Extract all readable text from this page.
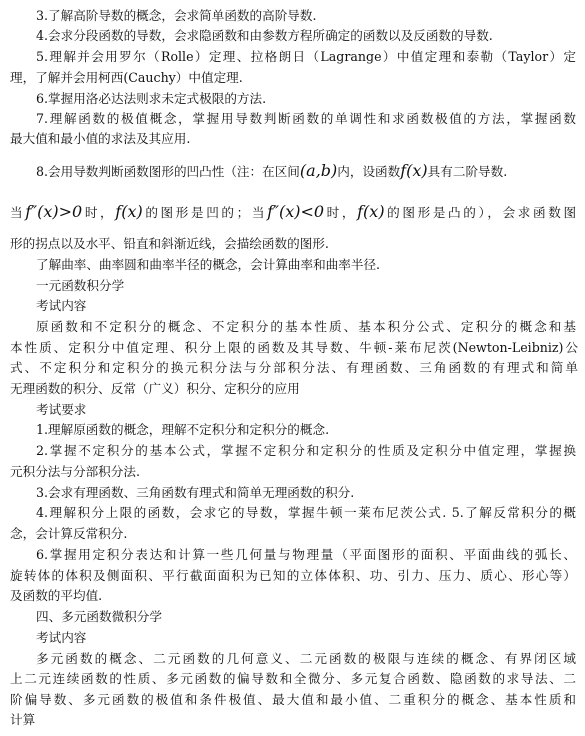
3.了解高阶导数的概念，会求简单函数的高阶导数.
4.会求分段函数的导数，会求隐函数和由参数方程所确定的函数以及反函数的导数.
5.理解并会用罗尔（Rolle）定理、拉格朗日（Lagrange）中值定理和泰勒（Taylor）定
理，了解并会用柯西(Cauchy）中值定理.
6.掌握用洛必达法则求未定式极限的方法.
7.理解函数的极值概念，掌握用导数判断函数的单调性和求函数极值的方法，掌握函数
最大值和最小值的求法及其应用.
8.会用导数判断函数图形的凹凸性（注：在区间(a,b)内，设函数f(x)具有二阶导数.
当f″(x)>0时，f(x)的图形是凹的；当f″(x)<0时，f(x)的图形是凸的），会求函数图
形的拐点以及水平、铅直和斜渐近线，会描绘函数的图形.
了解曲率、曲率圆和曲率半径的概念，会计算曲率和曲率半径.
一元函数积分学
考试内容
原函数和不定积分的概念、不定积分的基本性质、基本积分公式、定积分的概念和基
本性质、定积分中值定理、积分上限的函数及其导数、牛顿-莱布尼茨(Newton-Leibniz)公
式、不定积分和定积分的换元积分法与分部积分法、有理函数、三角函数的有理式和简单
无理函数的积分、反常（广义）积分、定积分的应用
考试要求
1.理解原函数的概念，理解不定积分和定积分的概念.
2.掌握不定积分的基本公式，掌握不定积分和定积分的性质及定积分中值定理，掌握换
元积分法与分部积分法.
3.会求有理函数、三角函数有理式和简单无理函数的积分.
4.理解积分上限的函数，会求它的导数，掌握牛顿一莱布尼茨公式. 5.了解反常积分的概
念，会计算反常积分.
6.掌握用定积分表达和计算一些几何量与物理量（平面图形的面积、平面曲线的弧长、
旋转体的体积及侧面积、平行截面面积为已知的立体体积、功、引力、压力、质心、形心等）
及函数的平均值.
四、多元函数微积分学
考试内容
多元函数的概念、二元函数的几何意义、二元函数的极限与连续的概念、有界闭区域
上二元连续函数的性质、多元函数的偏导数和全微分、多元复合函数、隐函数的求导法、二
阶偏导数、多元函数的极值和条件极值、最大值和最小值、二重积分的概念、基本性质和
计算
